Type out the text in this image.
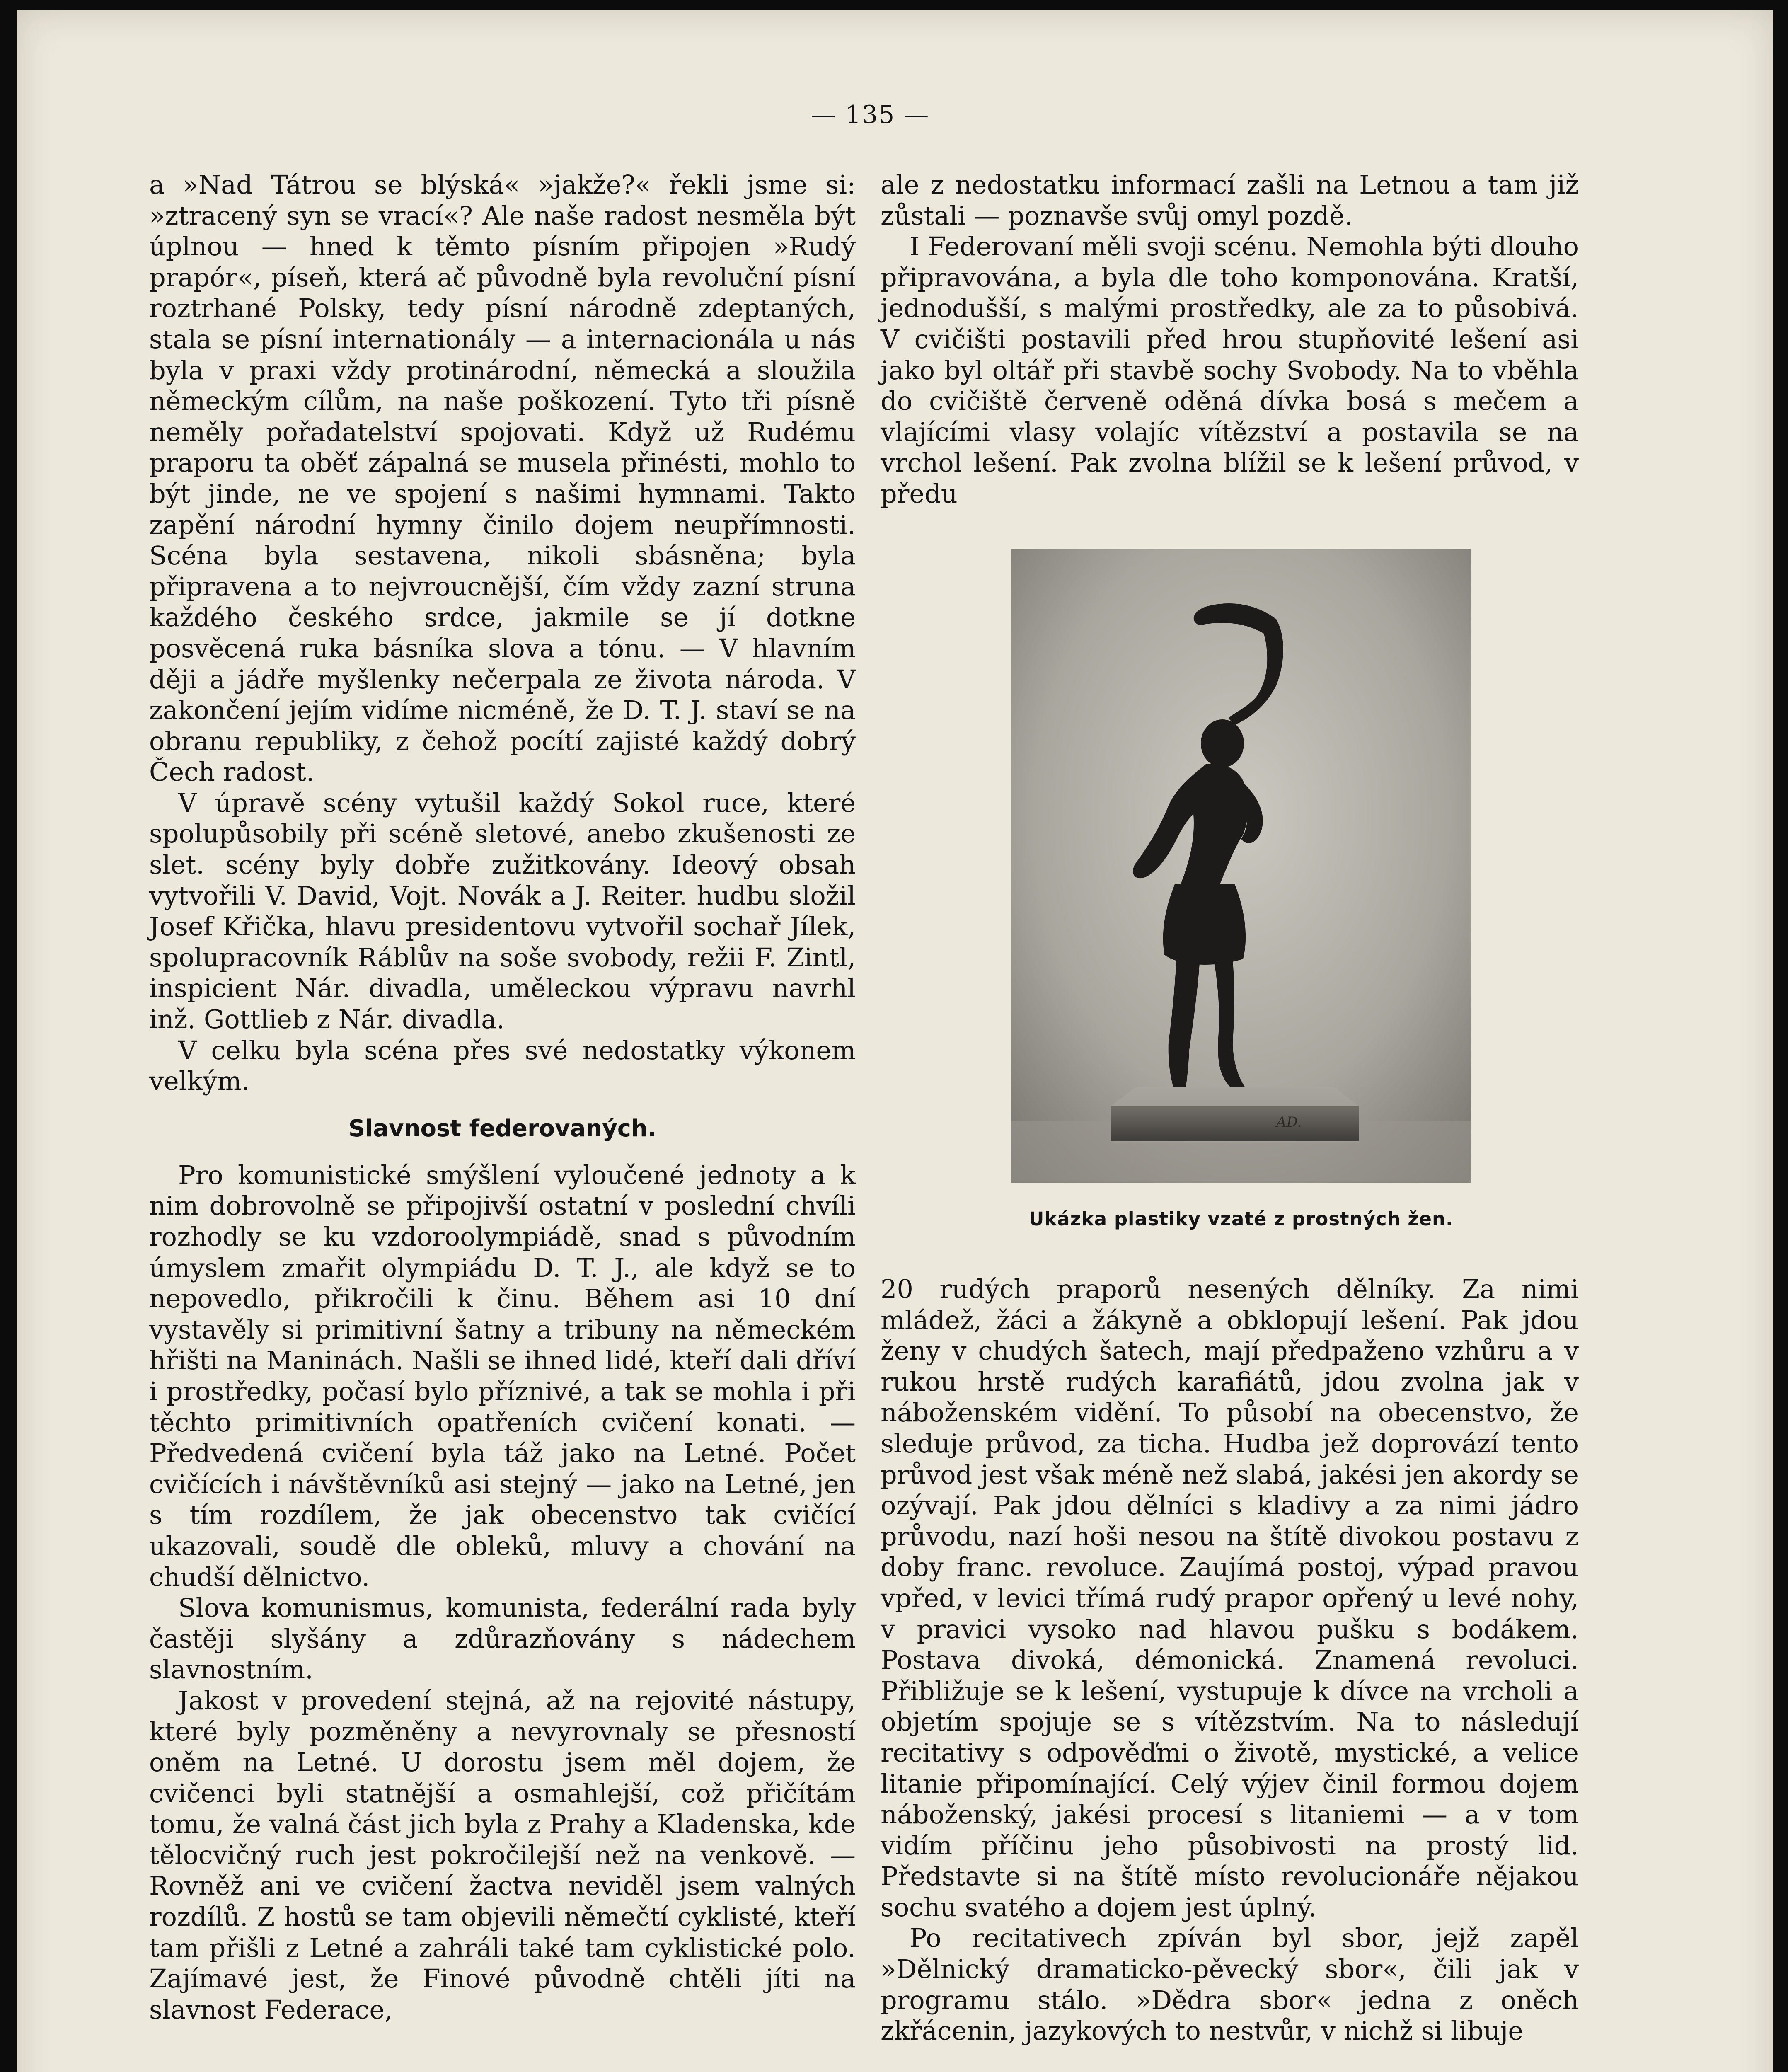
— 135 —

a »Nad Tátrou se blýská« »jakže?« řekli jsme si: »ztracený syn se vrací«? Ale naše radost nesměla být úplnou — hned k těmto písním připojen »Rudý prapór«, píseň, která ač původně byla revoluční písní roztrhané Polsky, tedy písní národně zdeptaných, stala se písní internationály — a internacionála u nás byla v praxi vždy protinárodní, německá a sloužila německým cílům, na naše poškození. Tyto tři písně neměly pořadatelství spojovati. Když už Rudému praporu ta oběť zápalná se musela přinésti, mohlo to být jinde, ne ve spojení s našimi hymnami. Takto zapění národní hymny činilo dojem neupřímnosti. Scéna byla sestavena, nikoli sbásněna; byla připravena a to nejvroucnější, čím vždy zazní struna každého českého srdce, jakmile se jí dotkne posvěcená ruka básníka slova a tónu. — V hlavním ději a jádře myšlenky nečerpala ze života národa. V zakončení jejím vidíme nicméně, že D. T. J. staví se na obranu republiky, z čehož pocítí zajisté každý dobrý Čech radost.

V úpravě scény vytušil každý Sokol ruce, které spolupůsobily při scéně sletové, anebo zkušenosti ze slet. scény byly dobře zužitkovány. Ideový obsah vytvořili V. David, Vojt. Novák a J. Reiter. hudbu složil Josef Křička, hlavu presidentovu vytvořil sochař Jílek, spolupracovník Ráblův na soše svobody, režii F. Zintl, inspicient Nár. divadla, uměleckou výpravu navrhl inž. Gottlieb z Nár. divadla.

V celku byla scéna přes své nedostatky výkonem velkým.

Slavnost federovaných.

Pro komunistické smýšlení vyloučené jednoty a k nim dobrovolně se připojivší ostatní v poslední chvíli rozhodly se ku vzdoroolympiádě, snad s původním úmyslem zmařit olympiádu D. T. J., ale když se to nepovedlo, přikročili k činu. Během asi 10 dní vystavěly si primitivní šatny a tribuny na německém hřišti na Maninách. Našli se ihned lidé, kteří dali dříví i prostředky, počasí bylo příznivé, a tak se mohla i při těchto primitivních opatřeních cvičení konati. — Předvedená cvičení byla táž jako na Letné. Počet cvičících i návštěvníků asi stejný — jako na Letné, jen s tím rozdílem, že jak obecenstvo tak cvičící ukazovali, soudě dle obleků, mluvy a chování na chudší dělnictvo.

Slova komunismus, komunista, federální rada byly častěji slyšány a zdůrazňovány s nádechem slavnostním.

Jakost v provedení stejná, až na rejovité nástupy, které byly pozměněny a nevyrovnaly se přesností oněm na Letné. U dorostu jsem měl dojem, že cvičenci byli statnější a osmahlejší, což přičítám tomu, že valná část jich byla z Prahy a Kladenska, kde tělocvičný ruch jest pokročilejší než na venkově. — Rovněž ani ve cvičení žactva neviděl jsem valných rozdílů. Z hostů se tam objevili němečtí cyklisté, kteří tam přišli z Letné a zahráli také tam cyklistické polo. Zajímavé jest, že Finové původně chtěli jíti na slavnost Federace,

ale z nedostatku informací zašli na Letnou a tam již zůstali — poznavše svůj omyl pozdě.

I Federovaní měli svoji scénu. Nemohla býti dlouho připravována, a byla dle toho komponována. Kratší, jednodušší, s malými prostředky, ale za to působivá. V cvičišti postavili před hrou stupňovité lešení asi jako byl oltář při stavbě sochy Svobody. Na to vběhla do cvičiště červeně oděná dívka bosá s mečem a vlajícími vlasy volajíc vítězství a postavila se na vrchol lešení. Pak zvolna blížil se k lešení průvod, v předu

AD.
Ukázka plastiky vzaté z prostných žen.

20 rudých praporů nesených dělníky. Za nimi mládež, žáci a žákyně a obklopují lešení. Pak jdou ženy v chudých šatech, mají předpaženo vzhůru a v rukou hrstě rudých karafiátů, jdou zvolna jak v náboženském vidění. To působí na obecenstvo, že sleduje průvod, za ticha. Hudba jež doprovází tento průvod jest však méně než slabá, jakési jen akordy se ozývají. Pak jdou dělníci s kladivy a za nimi jádro průvodu, nazí hoši nesou na štítě divokou postavu z doby franc. revoluce. Zaujímá postoj, výpad pravou vpřed, v levici třímá rudý prapor opřený u levé nohy, v pravici vysoko nad hlavou pušku s bodákem. Postava divoká, démonická. Znamená revoluci. Přibližuje se k lešení, vystupuje k dívce na vrcholi a objetím spojuje se s vítězstvím. Na to následují recitativy s odpověďmi o životě, mystické, a velice litanie připomínající. Celý výjev činil formou dojem náboženský, jakési procesí s litaniemi — a v tom vidím příčinu jeho působivosti na prostý lid. Představte si na štítě místo revolucionáře nějakou sochu svatého a dojem jest úplný.

Po recitativech zpíván byl sbor, jejž zapěl »Dělnický dramaticko-pěvecký sbor«, čili jak v programu stálo. »Dědra sbor« jedna z oněch zkřácenin, jazykových to nestvůr, v nichž si libuje
